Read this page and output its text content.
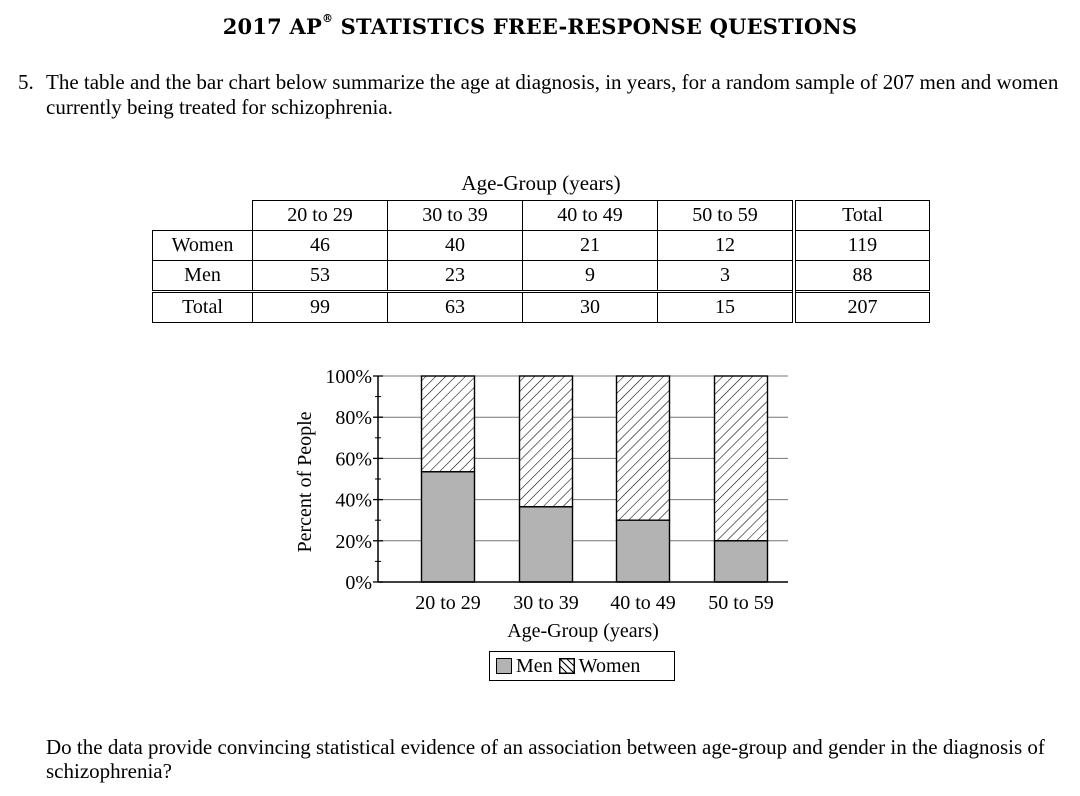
2017 AP® STATISTICS FREE-RESPONSE QUESTIONS
5. The table and the bar chart below summarize the age at diagnosis, in years, for a random sample of 207 men and women currently being treated for schizophrenia.
Age-Group (years)
	20 to 29	30 to 39	40 to 49	50 to 59	Total
Women	46	40	21	12	119
Men	53	23	9	3	88
Total	99	63	30	15	207
20 to 29 30 to 39 40 to 49 50 to 59
0%
20%
40%
60%
80%
100%
Percent of People
Age-Group (years)
Men Women
Do the data provide convincing statistical evidence of an association between age-group and gender in the diagnosis of schizophrenia?
